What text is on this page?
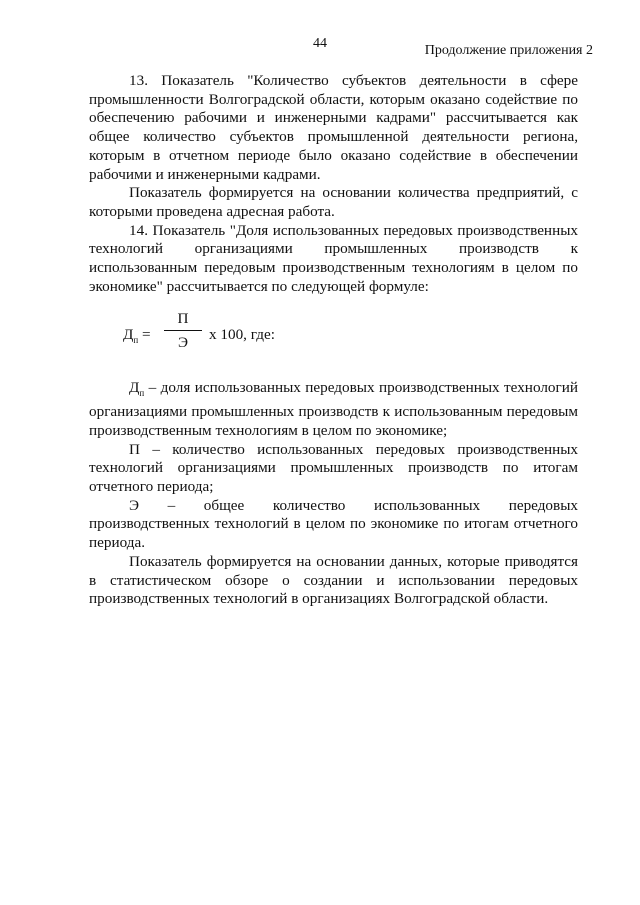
44	Продолжение приложения 2

13. Показатель "Количество субъектов деятельности в сфере промышленности Волгоградской области, которым оказано содействие по обеспечению рабочими и инженерными кадрами" рассчитывается как общее количество субъектов промышленной деятельности региона, которым в отчетном периоде было оказано содействие в обеспечении рабочими и инженерными кадрами.

Показатель формируется на основании количества предприятий, с которыми проведена адресная работа.

14. Показатель "Доля использованных передовых производственных технологий организациями промышленных производств к использованным передовым производственным технологиям в целом по экономике" рассчитывается по следующей формуле:

$Д_п$ =
П
Э	х 100, где:

$Д_п$ – доля использованных передовых производственных технологий организациями промышленных производств к использованным передовым производственным технологиям в целом по экономике;

П – количество использованных передовых производственных технологий организациями промышленных производств по итогам отчетного периода;

Э – общее количество использованных передовых производственных технологий в целом по экономике по итогам отчетного периода.

Показатель формируется на основании данных, которые приводятся в статистическом обзоре о создании и использовании передовых производственных технологий в организациях Волгоградской области.
